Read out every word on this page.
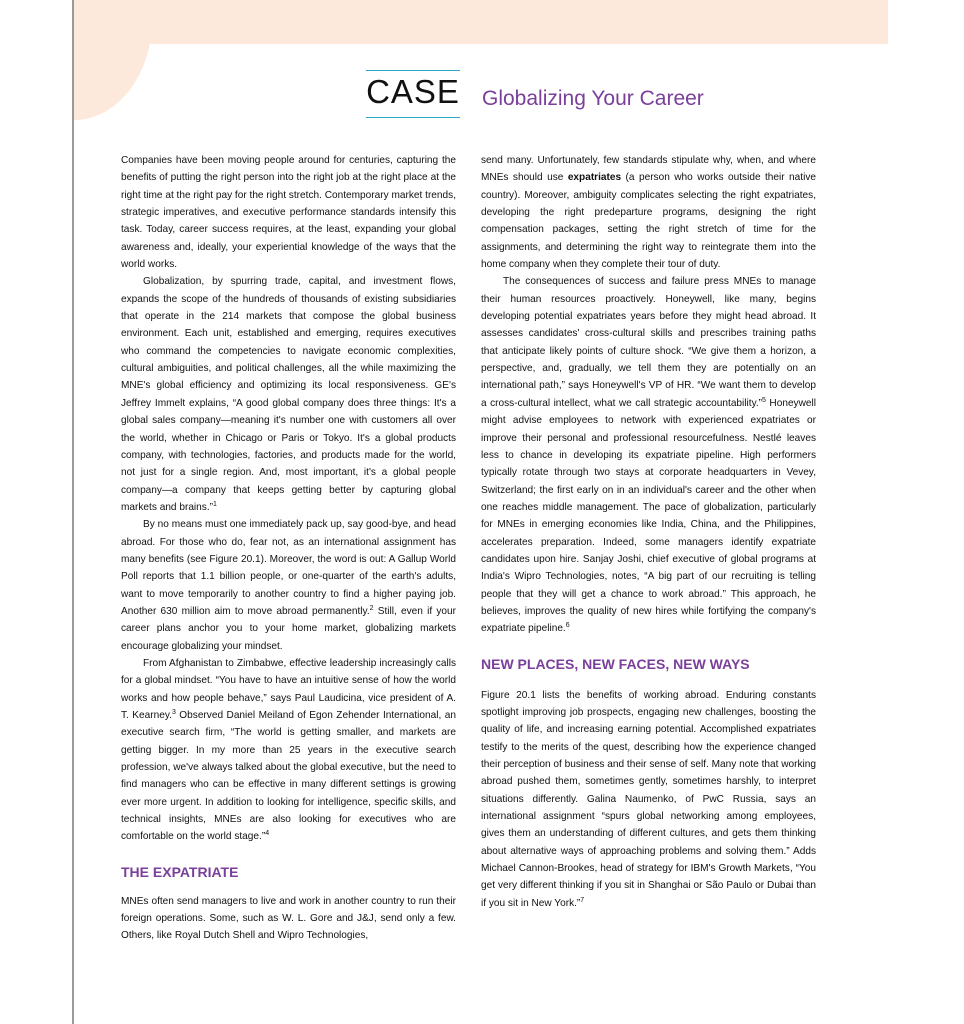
CASE Globalizing Your Career

Companies have been moving people around for centuries, capturing the benefits of putting the right person into the right job at the right place at the right time at the right pay for the right stretch. Contemporary market trends, strategic imperatives, and executive performance standards intensify this task. Today, career success requires, at the least, expanding your global awareness and, ideally, your experiential knowledge of the ways that the world works.

Globalization, by spurring trade, capital, and investment flows, expands the scope of the hundreds of thousands of existing subsidiaries that operate in the 214 markets that compose the global business environment. Each unit, established and emerging, requires executives who command the competencies to navigate economic complexities, cultural ambiguities, and political challenges, all the while maximizing the MNE's global efficiency and optimizing its local responsiveness. GE's Jeffrey Immelt explains, “A good global company does three things: It's a global sales company—meaning it's number one with customers all over the world, whether in Chicago or Paris or Tokyo. It's a global products company, with technologies, factories, and products made for the world, not just for a single region. And, most important, it's a global people company—a company that keeps getting better by capturing global markets and brains.”$^1$

By no means must one immediately pack up, say good-bye, and head abroad. For those who do, fear not, as an international assignment has many benefits (see Figure 20.1). Moreover, the word is out: A Gallup World Poll reports that 1.1 billion people, or one-quarter of the earth's adults, want to move temporarily to another country to find a higher paying job. Another 630 million aim to move abroad permanently.$^2$ Still, even if your career plans anchor you to your home market, globalizing markets encourage globalizing your mindset.

From Afghanistan to Zimbabwe, effective leadership increasingly calls for a global mindset. “You have to have an intuitive sense of how the world works and how people behave,” says Paul Laudicina, vice president of A. T. Kearney.$^3$ Observed Daniel Meiland of Egon Zehender International, an executive search firm, “The world is getting smaller, and markets are getting bigger. In my more than 25 years in the executive search profession, we've always talked about the global executive, but the need to find managers who can be effective in many different settings is growing ever more urgent. In addition to looking for intelligence, specific skills, and technical insights, MNEs are also looking for executives who are comfortable on the world stage.”$^4$

THE EXPATRIATE

MNEs often send managers to live and work in another country to run their foreign operations. Some, such as W. L. Gore and J&J, send only a few. Others, like Royal Dutch Shell and Wipro Technologies,

send many. Unfortunately, few standards stipulate why, when, and where MNEs should use expatriates (a person who works outside their native country). Moreover, ambiguity complicates selecting the right expatriates, developing the right predeparture programs, designing the right compensation packages, setting the right stretch of time for the assignments, and determining the right way to reintegrate them into the home company when they complete their tour of duty.

The consequences of success and failure press MNEs to manage their human resources proactively. Honeywell, like many, begins developing potential expatriates years before they might head abroad. It assesses candidates' cross-cultural skills and prescribes training paths that anticipate likely points of culture shock. “We give them a horizon, a perspective, and, gradually, we tell them they are potentially on an international path,” says Honeywell's VP of HR. “We want them to develop a cross-cultural intellect, what we call strategic accountability.”$^5$ Honeywell might advise employees to network with experienced expatriates or improve their personal and professional resourcefulness. Nestlé leaves less to chance in developing its expatriate pipeline. High performers typically rotate through two stays at corporate headquarters in Vevey, Switzerland; the first early on in an individual's career and the other when one reaches middle management. The pace of globalization, particularly for MNEs in emerging economies like India, China, and the Philippines, accelerates preparation. Indeed, some managers identify expatriate candidates upon hire. Sanjay Joshi, chief executive of global programs at India's Wipro Technologies, notes, “A big part of our recruiting is telling people that they will get a chance to work abroad.” This approach, he believes, improves the quality of new hires while fortifying the company's expatriate pipeline.$^6$

NEW PLACES, NEW FACES, NEW WAYS

Figure 20.1 lists the benefits of working abroad. Enduring constants spotlight improving job prospects, engaging new challenges, boosting the quality of life, and increasing earning potential. Accomplished expatriates testify to the merits of the quest, describing how the experience changed their perception of business and their sense of self. Many note that working abroad pushed them, sometimes gently, sometimes harshly, to interpret situations differently. Galina Naumenko, of PwC Russia, says an international assignment “spurs global networking among employees, gives them an understanding of different cultures, and gets them thinking about alternative ways of approaching problems and solving them.” Adds Michael Cannon-Brookes, head of strategy for IBM's Growth Markets, “You get very different thinking if you sit in Shanghai or São Paulo or Dubai than if you sit in New York.”$^7$
